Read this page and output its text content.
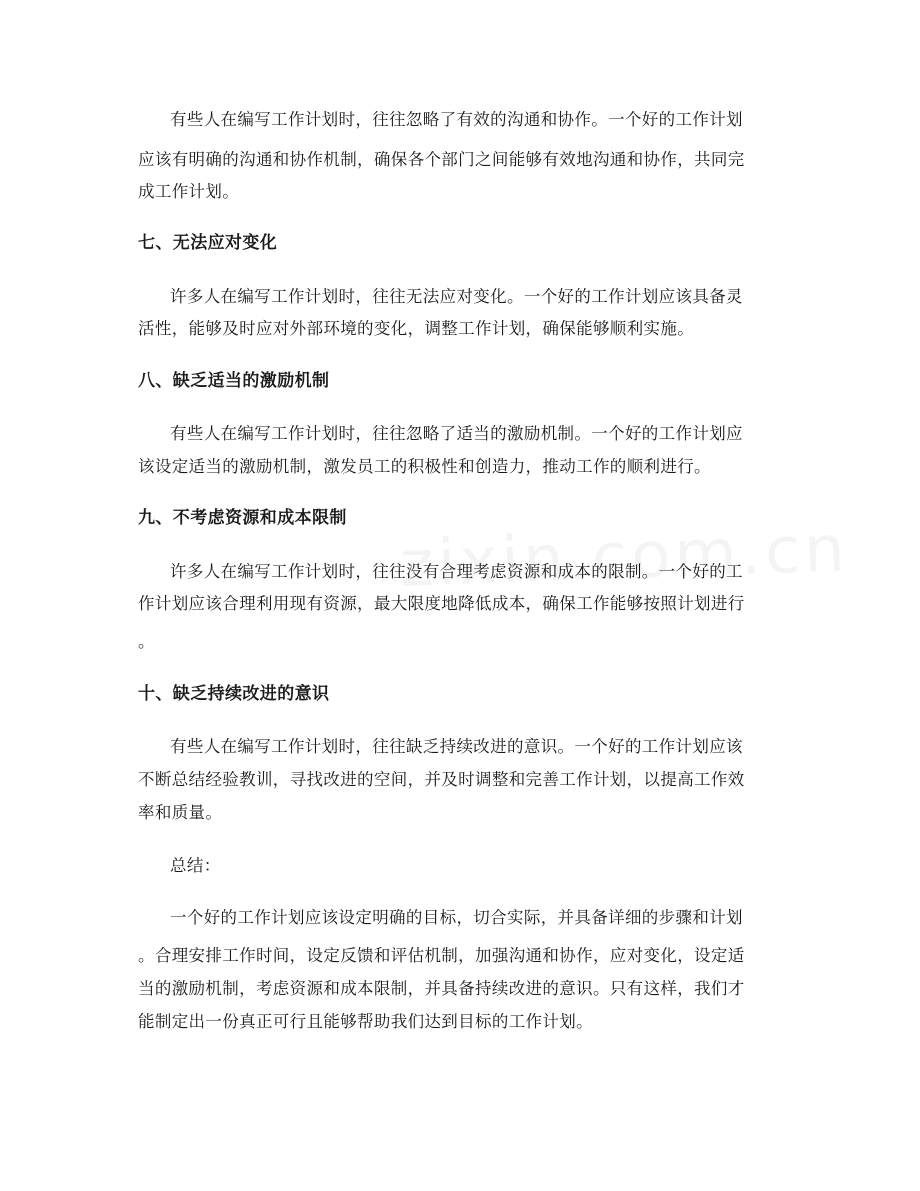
有些人在编写工作计划时，往往忽略了有效的沟通和协作。一个好的工作计划
应该有明确的沟通和协作机制，确保各个部门之间能够有效地沟通和协作，共同完
成工作计划。
七、无法应对变化
许多人在编写工作计划时，往往无法应对变化。一个好的工作计划应该具备灵
活性，能够及时应对外部环境的变化，调整工作计划，确保能够顺利实施。
八、缺乏适当的激励机制
有些人在编写工作计划时，往往忽略了适当的激励机制。一个好的工作计划应
该设定适当的激励机制，激发员工的积极性和创造力，推动工作的顺利进行。
九、不考虑资源和成本限制
许多人在编写工作计划时，往往没有合理考虑资源和成本的限制。一个好的工
作计划应该合理利用现有资源，最大限度地降低成本，确保工作能够按照计划进行
。
十、缺乏持续改进的意识
有些人在编写工作计划时，往往缺乏持续改进的意识。一个好的工作计划应该
不断总结经验教训，寻找改进的空间，并及时调整和完善工作计划，以提高工作效
率和质量。
总结：
一个好的工作计划应该设定明确的目标，切合实际，并具备详细的步骤和计划
。合理安排工作时间，设定反馈和评估机制，加强沟通和协作，应对变化，设定适
当的激励机制，考虑资源和成本限制，并具备持续改进的意识。只有这样，我们才
能制定出一份真正可行且能够帮助我们达到目标的工作计划。
